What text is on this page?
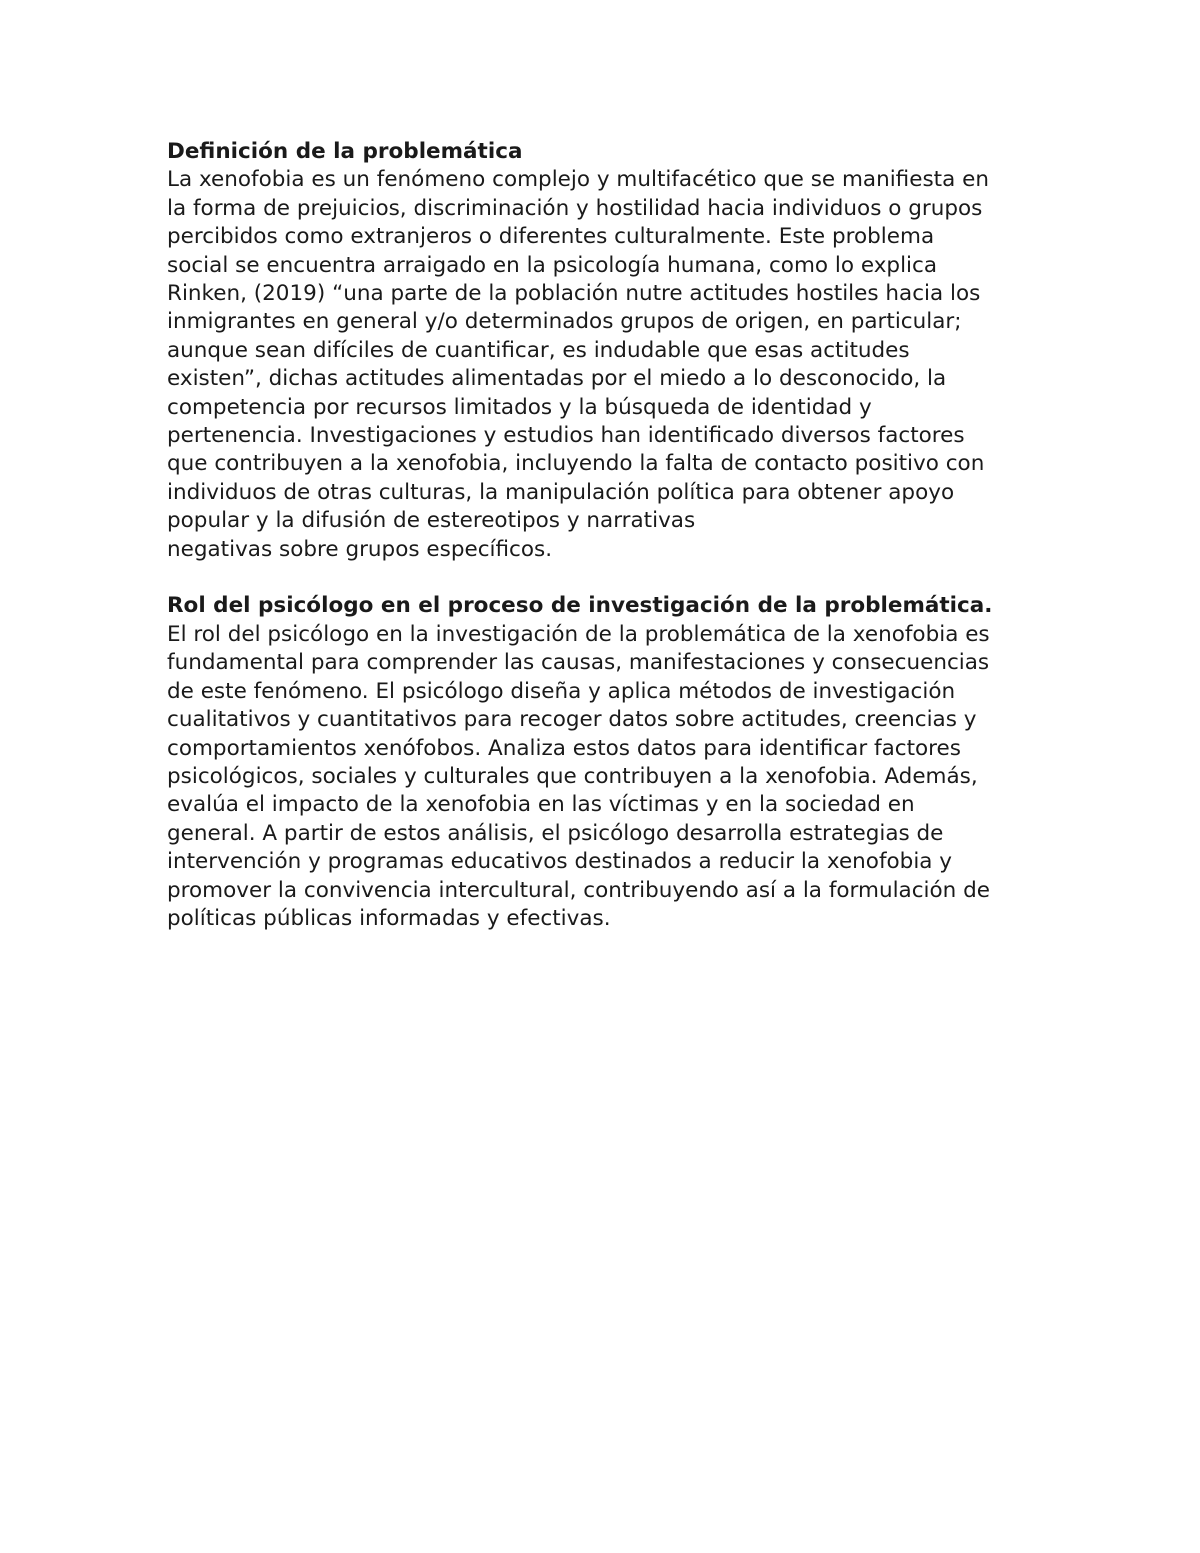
Definición de la problemática
La xenofobia es un fenómeno complejo y multifacético que se manifiesta en
la forma de prejuicios, discriminación y hostilidad hacia individuos o grupos
percibidos como extranjeros o diferentes culturalmente. Este problema
social se encuentra arraigado en la psicología humana, como lo explica
Rinken, (2019) “una parte de la población nutre actitudes hostiles hacia los
inmigrantes en general y/o determinados grupos de origen, en particular;
aunque sean difíciles de cuantificar, es indudable que esas actitudes
existen”, dichas actitudes alimentadas por el miedo a lo desconocido, la
competencia por recursos limitados y la búsqueda de identidad y
pertenencia. Investigaciones y estudios han identificado diversos factores
que contribuyen a la xenofobia, incluyendo la falta de contacto positivo con
individuos de otras culturas, la manipulación política para obtener apoyo
popular y la difusión de estereotipos y narrativas
negativas sobre grupos específicos.
Rol del psicólogo en el proceso de investigación de la problemática.
El rol del psicólogo en la investigación de la problemática de la xenofobia es
fundamental para comprender las causas, manifestaciones y consecuencias
de este fenómeno. El psicólogo diseña y aplica métodos de investigación
cualitativos y cuantitativos para recoger datos sobre actitudes, creencias y
comportamientos xenófobos. Analiza estos datos para identificar factores
psicológicos, sociales y culturales que contribuyen a la xenofobia. Además,
evalúa el impacto de la xenofobia en las víctimas y en la sociedad en
general. A partir de estos análisis, el psicólogo desarrolla estrategias de
intervención y programas educativos destinados a reducir la xenofobia y
promover la convivencia intercultural, contribuyendo así a la formulación de
políticas públicas informadas y efectivas.
